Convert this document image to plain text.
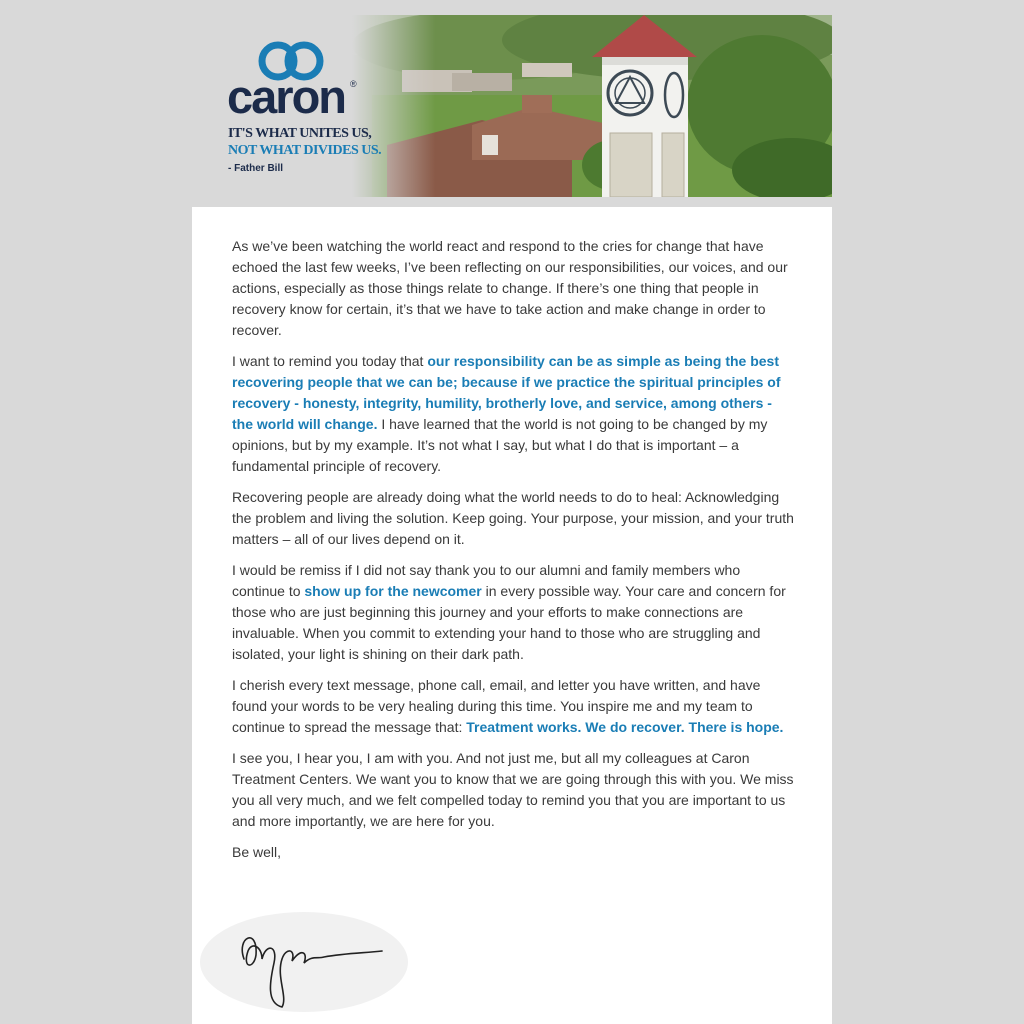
caron ®
IT'S WHAT UNITES US,
NOT WHAT DIVIDES US.
- Father Bill

As we’ve been watching the world react and respond to the cries for change that have echoed the last few weeks, I’ve been reflecting on our responsibilities, our voices, and our actions, especially as those things relate to change. If there’s one thing that people in recovery know for certain, it’s that we have to take action and make change in order to recover.

I want to remind you today that our responsibility can be as simple as being the best recovering people that we can be; because if we practice the spiritual principles of recovery - honesty, integrity, humility, brotherly love, and service, among others - the world will change. I have learned that the world is not going to be changed by my opinions, but by my example. It’s not what I say, but what I do that is important – a fundamental principle of recovery.

Recovering people are already doing what the world needs to do to heal: Acknowledging the problem and living the solution. Keep going. Your purpose, your mission, and your truth matters – all of our lives depend on it.

I would be remiss if I did not say thank you to our alumni and family members who continue to show up for the newcomer in every possible way. Your care and concern for those who are just beginning this journey and your efforts to make connections are invaluable. When you commit to extending your hand to those who are struggling and isolated, your light is shining on their dark path.

I cherish every text message, phone call, email, and letter you have written, and have found your words to be very healing during this time. You inspire me and my team to continue to spread the message that: Treatment works. We do recover. There is hope.

I see you, I hear you, I am with you. And not just me, but all my colleagues at Caron Treatment Centers. We want you to know that we are going through this with you. We miss you all very much, and we felt compelled today to remind you that you are important to us and more importantly, we are here for you.

Be well,
